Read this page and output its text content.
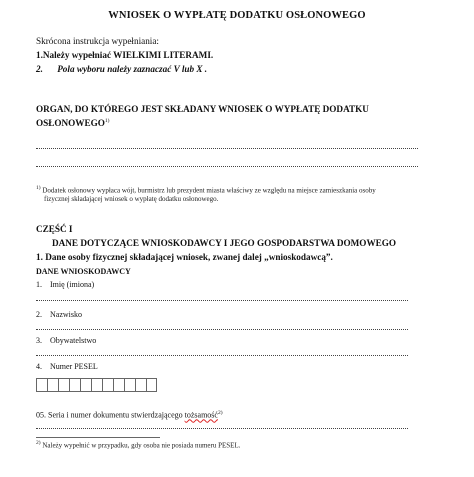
WNIOSEK O WYPŁATĘ DODATKU OSŁONOWEGO
Skrócona instrukcja wypełniania:
1.Należy wypełniać WIELKIMI LITERAMI.
2. Pola wyboru należy zaznaczać V lub X .
ORGAN, DO KTÓREGO JEST SKŁADANY WNIOSEK O WYPŁATĘ DODATKU
OSŁONOWEGO$^{1)}$
$^{1)}$ Dodatek osłonowy wypłaca wójt, burmistrz lub prezydent miasta właściwy ze względu na miejsce zamieszkania osoby
fizycznej składającej wniosek o wypłatę dodatku osłonowego.
CZĘŚĆ I
DANE DOTYCZĄCE WNIOSKODAWCY I JEGO GOSPODARSTWA DOMOWEGO
1. Dane osoby fizycznej składającej wniosek, zwanej dalej „wnioskodawcą”.
DANE WNIOSKODAWCY
1. Imię (imiona)
2. Nazwisko
3. Obywatelstwo
4. Numer PESEL
05. Seria i numer dokumentu stwierdzającego tożsamość$^{2)}$
$^{2)}$ Należy wypełnić w przypadku, gdy osoba nie posiada numeru PESEL.
